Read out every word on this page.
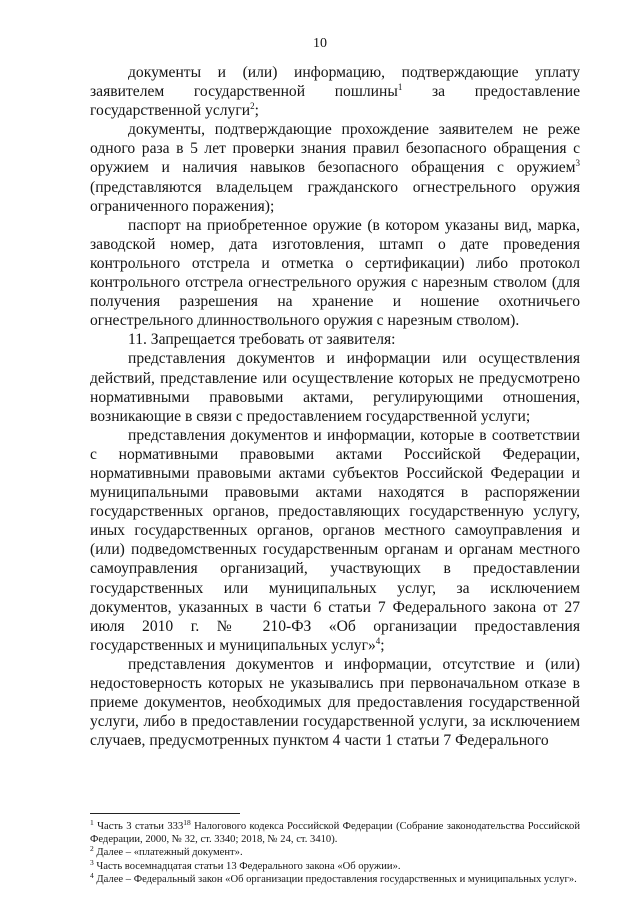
10

документы и (или) информацию, подтверждающие уплату заявителем государственной пошлины$^1$ за предоставление государственной услуги$^2$;

документы, подтверждающие прохождение заявителем не реже одного раза в 5 лет проверки знания правил безопасного обращения с оружием и наличия навыков безопасного обращения с оружием$^3$ (представляются владельцем гражданского огнестрельного оружия ограниченного поражения);

паспорт на приобретенное оружие (в котором указаны вид, марка, заводской номер, дата изготовления, штамп о дате проведения контрольного отстрела и отметка о сертификации) либо протокол контрольного отстрела огнестрельного оружия с нарезным стволом (для получения разрешения на хранение и ношение охотничьего огнестрельного длинноствольного оружия с нарезным стволом).

11. Запрещается требовать от заявителя:

представления документов и информации или осуществления действий, представление или осуществление которых не предусмотрено нормативными правовыми актами, регулирующими отношения, возникающие в связи с предоставлением государственной услуги;

представления документов и информации, которые в соответствии с нормативными правовыми актами Российской Федерации, нормативными правовыми актами субъектов Российской Федерации и муниципальными правовыми актами находятся в распоряжении государственных органов, предоставляющих государственную услугу, иных государственных органов, органов местного самоуправления и (или) подведомственных государственным органам и органам местного самоуправления организаций, участвующих в предоставлении государственных или муниципальных услуг, за исключением документов, указанных в части 6 статьи 7 Федерального закона от 27 июля 2010 г. № 210-ФЗ «Об организации предоставления государственных и муниципальных услуг»$^4$;

представления документов и информации, отсутствие и (или) недостоверность которых не указывались при первоначальном отказе в приеме документов, необходимых для предоставления государственной услуги, либо в предоставлении государственной услуги, за исключением случаев, предусмотренных пунктом 4 части 1 статьи 7 Федерального

$^1$ Часть 3 статьи $333^{18}$ Налогового кодекса Российской Федерации (Собрание законодательства Российской Федерации, 2000, № 32, ст. 3340; 2018, № 24, ст. 3410).

$^2$ Далее – «платежный документ».

$^3$ Часть восемнадцатая статьи 13 Федерального закона «Об оружии».

$^4$ Далее – Федеральный закон «Об организации предоставления государственных и муниципальных услуг».
